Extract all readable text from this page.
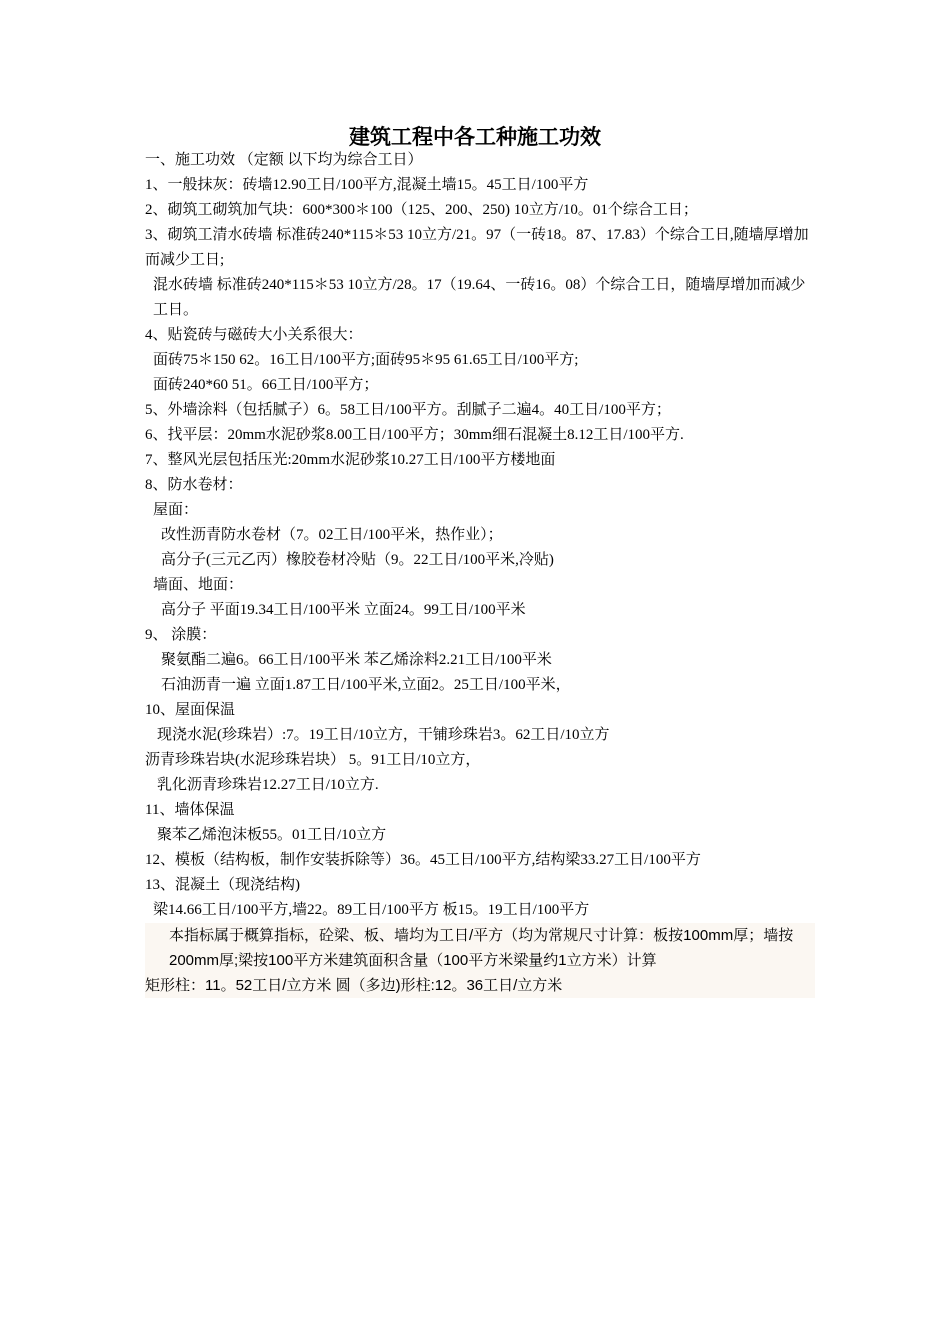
建筑工程中各工种施工功效
一、施工功效 （定额 以下均为综合工日）
1、一般抹灰：砖墙12.90工日/100平方,混凝土墙15。45工日/100平方
2、砌筑工砌筑加气块：600*300＊100（125、200、250) 10立方/10。01个综合工日；
3、砌筑工清水砖墙 标准砖240*115＊53 10立方/21。97（一砖18。87、17.83）个综合工日,随墙厚增加而减少工日;
混水砖墙 标准砖240*115＊53 10立方/28。17（19.64、一砖16。08）个综合工日，随墙厚增加而减少工日。
4、贴瓷砖与磁砖大小关系很大：
面砖75＊150 62。16工日/100平方;面砖95＊95 61.65工日/100平方;
面砖240*60 51。66工日/100平方；
5、外墙涂料（包括腻子）6。58工日/100平方。刮腻子二遍4。40工日/100平方；
6、找平层：20mm水泥砂浆8.00工日/100平方；30mm细石混凝土8.12工日/100平方.
7、整风光层包括压光:20mm水泥砂浆10.27工日/100平方楼地面
8、防水卷材：
屋面：
改性沥青防水卷材（7。02工日/100平米，热作业）；
高分子(三元乙丙）橡胶卷材冷贴（9。22工日/100平米,冷贴)
墙面、地面：
高分子 平面19.34工日/100平米 立面24。99工日/100平米
9、 涂膜：
聚氨酯二遍6。66工日/100平米 苯乙烯涂料2.21工日/100平米
石油沥青一遍 立面1.87工日/100平米,立面2。25工日/100平米，
10、屋面保温
现浇水泥(珍珠岩）:7。19工日/10立方，干铺珍珠岩3。62工日/10立方
沥青珍珠岩块(水泥珍珠岩块） 5。91工日/10立方，
乳化沥青珍珠岩12.27工日/10立方.
11、墙体保温
聚苯乙烯泡沫板55。01工日/10立方
12、模板（结构板，制作安装拆除等）36。45工日/100平方,结构梁33.27工日/100平方
13、混凝土（现浇结构)
梁14.66工日/100平方,墙22。89工日/100平方 板15。19工日/100平方
本指标属于概算指标，砼梁、板、墙均为工日/平方（均为常规尺寸计算：板按100mm厚；墙按200mm厚;梁按100平方米建筑面积含量（100平方米梁量约1立方米）计算
矩形柱：11。52工日/立方米 圆（多边)形柱:12。36工日/立方米
